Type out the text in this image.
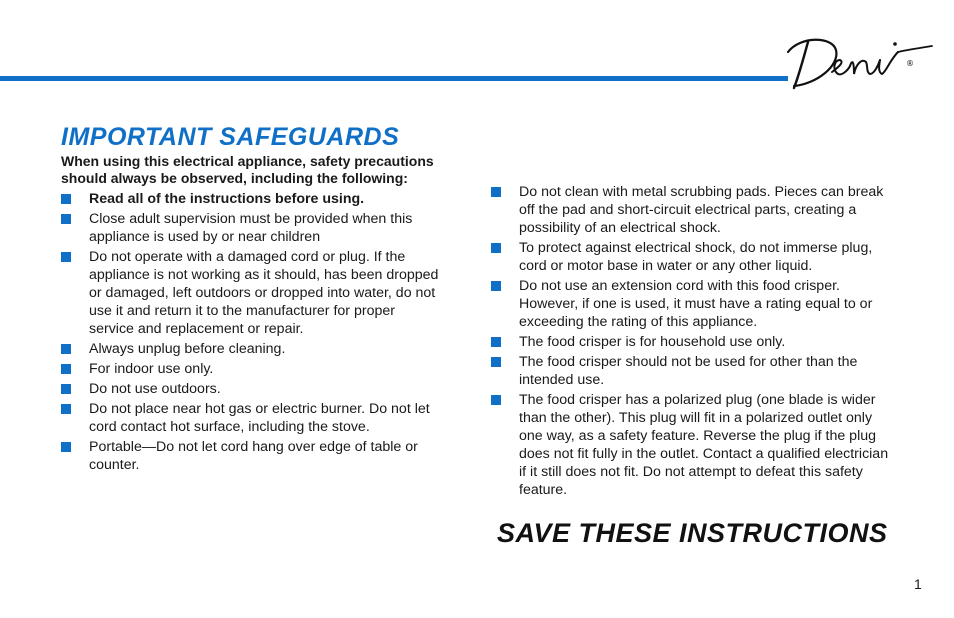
®
IMPORTANT SAFEGUARDS

When using this electrical appliance, safety precautions should always be observed, including the following:

Read all of the instructions before using.
Close adult supervision must be provided when this appliance is used by or near children
Do not operate with a damaged cord or plug. If the appliance is not working as it should, has been dropped or damaged, left outdoors or dropped into water, do not use it and return it to the manufacturer for proper service and replacement or repair.
Always unplug before cleaning.
For indoor use only.
Do not use outdoors.
Do not place near hot gas or electric burner. Do not let cord contact hot surface, including the stove.
Portable—Do not let cord hang over edge of table or counter.
Do not clean with metal scrubbing pads. Pieces can break off the pad and short-circuit electrical parts, creating a possibility of an electrical shock.
To protect against electrical shock, do not immerse plug, cord or motor base in water or any other liquid.
Do not use an extension cord with this food crisper. However, if one is used, it must have a rating equal to or exceeding the rating of this appliance.
The food crisper is for household use only.
The food crisper should not be used for other than the intended use.
The food crisper has a polarized plug (one blade is wider than the other). This plug will fit in a polarized outlet only one way, as a safety feature. Reverse the plug if the plug does not fit fully in the outlet. Contact a qualified electrician if it still does not fit. Do not attempt to defeat this safety feature.
SAVE THESE INSTRUCTIONS
1
